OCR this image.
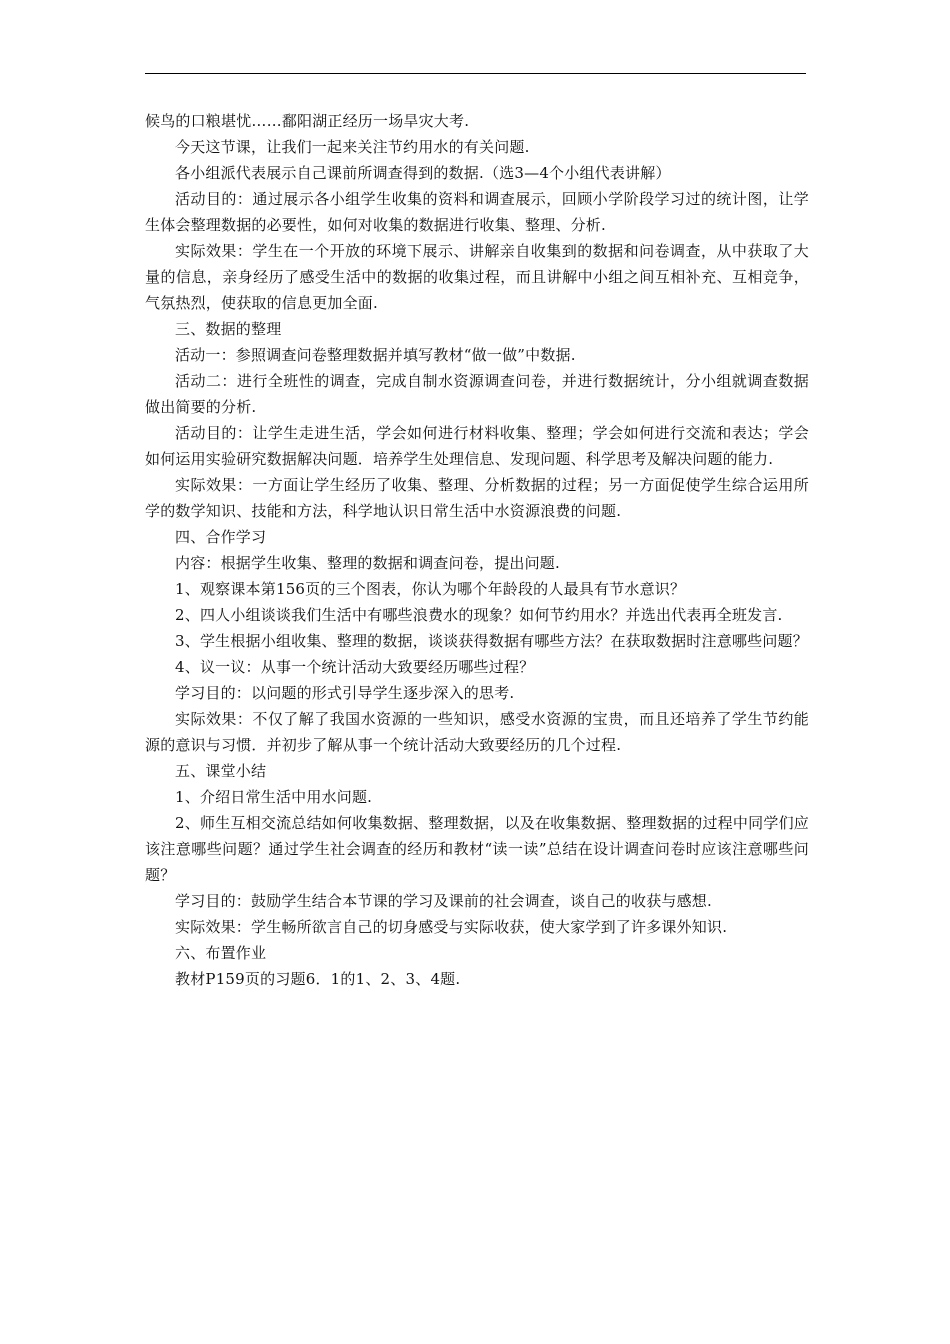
候鸟的口粮堪忧……鄱阳湖正经历一场旱灾大考.

今天这节课，让我们一起来关注节约用水的有关问题.

各小组派代表展示自己课前所调查得到的数据.（选3—4个小组代表讲解）

活动目的：通过展示各小组学生收集的资料和调查展示，回顾小学阶段学习过的统计图，让学生体会整理数据的必要性，如何对收集的数据进行收集、整理、分析.

实际效果：学生在一个开放的环境下展示、讲解亲自收集到的数据和问卷调查，从中获取了大量的信息，亲身经历了感受生活中的数据的收集过程，而且讲解中小组之间互相补充、互相竞争，气氛热烈，使获取的信息更加全面.

三、数据的整理

活动一：参照调查问卷整理数据并填写教材“做一做”中数据.

活动二：进行全班性的调查，完成自制水资源调查问卷，并进行数据统计，分小组就调查数据做出简要的分析.

活动目的：让学生走进生活，学会如何进行材料收集、整理；学会如何进行交流和表达；学会如何运用实验研究数据解决问题．培养学生处理信息、发现问题、科学思考及解决问题的能力.

实际效果：一方面让学生经历了收集、整理、分析数据的过程；另一方面促使学生综合运用所学的数学知识、技能和方法，科学地认识日常生活中水资源浪费的问题.

四、合作学习

内容：根据学生收集、整理的数据和调查问卷，提出问题.

1、观察课本第156页的三个图表，你认为哪个年龄段的人最具有节水意识？

2、四人小组谈谈我们生活中有哪些浪费水的现象？如何节约用水？并选出代表再全班发言.

3、学生根据小组收集、整理的数据，谈谈获得数据有哪些方法？在获取数据时注意哪些问题？

4、议一议：从事一个统计活动大致要经历哪些过程？

学习目的：以问题的形式引导学生逐步深入的思考.

实际效果：不仅了解了我国水资源的一些知识，感受水资源的宝贵，而且还培养了学生节约能源的意识与习惯．并初步了解从事一个统计活动大致要经历的几个过程.

五、课堂小结

1、介绍日常生活中用水问题.

2、师生互相交流总结如何收集数据、整理数据，以及在收集数据、整理数据的过程中同学们应该注意哪些问题？通过学生社会调查的经历和教材“读一读”总结在设计调查问卷时应该注意哪些问题？

学习目的：鼓励学生结合本节课的学习及课前的社会调查，谈自己的收获与感想.

实际效果：学生畅所欲言自己的切身感受与实际收获，使大家学到了许多课外知识.

六、布置作业

教材P159页的习题6．1的1、2、3、4题.
